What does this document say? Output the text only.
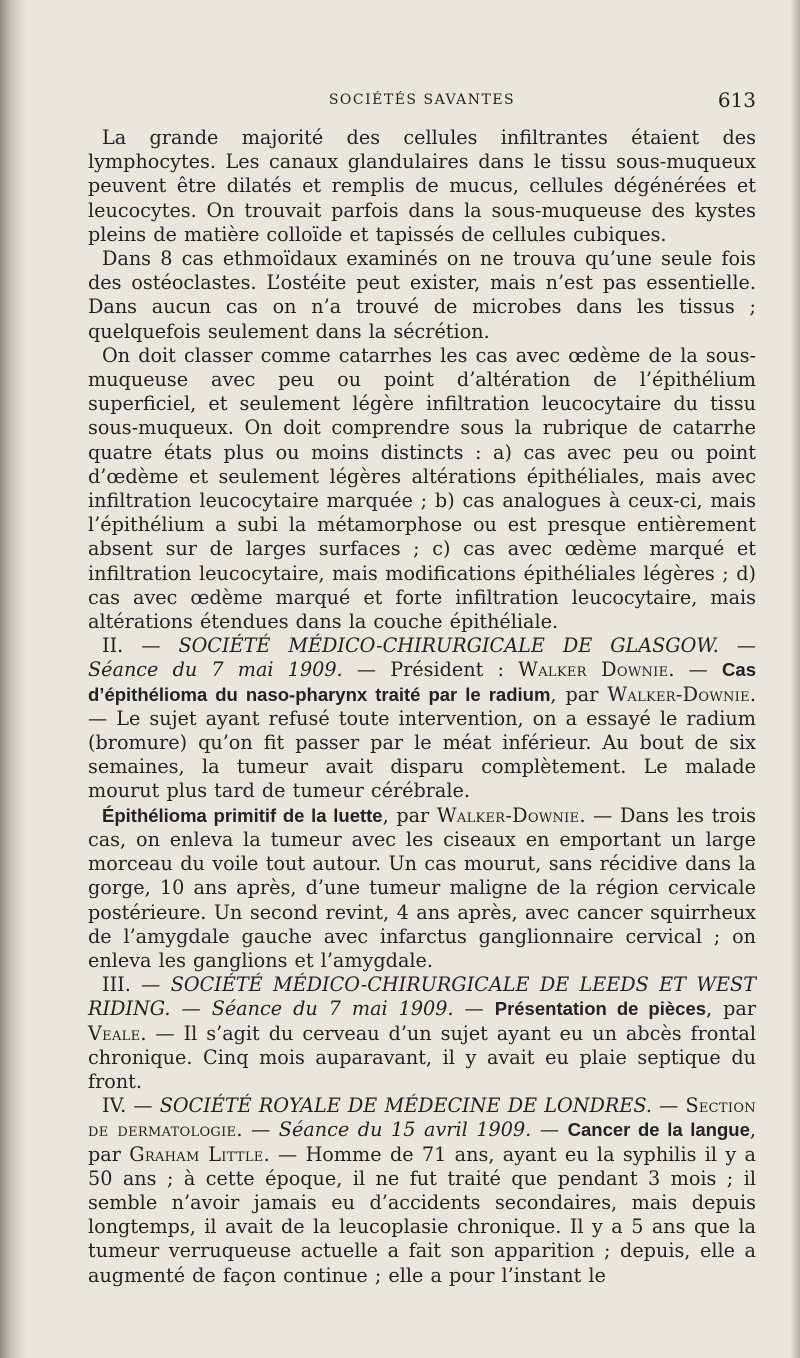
SOCIÉTÉS SAVANTES	613

La grande majorité des cellules infiltrantes étaient des lymphocytes. Les canaux glandulaires dans le tissu sous-muqueux peuvent être dilatés et remplis de mucus, cellules dégénérées et leucocytes. On trouvait parfois dans la sous-muqueuse des kystes pleins de matière colloïde et tapissés de cellules cubiques.

Dans 8 cas ethmoïdaux examinés on ne trouva qu’une seule fois des ostéoclastes. L’ostéite peut exister, mais n’est pas essentielle. Dans aucun cas on n’a trouvé de microbes dans les tissus ; quelquefois seulement dans la sécrétion.

On doit classer comme catarrhes les cas avec œdème de la sous-muqueuse avec peu ou point d’altération de l’épithélium superficiel, et seulement légère infiltration leucocytaire du tissu sous-muqueux. On doit comprendre sous la rubrique de catarrhe quatre états plus ou moins distincts : a) cas avec peu ou point d’œdème et seulement légères altérations épithéliales, mais avec infiltration leucocytaire marquée ; b) cas analogues à ceux-ci, mais l’épithélium a subi la métamorphose ou est presque entièrement absent sur de larges surfaces ; c) cas avec œdème marqué et infiltration leucocytaire, mais modifications épithéliales légères ; d) cas avec œdème marqué et forte infiltration leucocytaire, mais altérations étendues dans la couche épithéliale.

II. — SOCIÉTÉ MÉDICO-CHIRURGICALE DE GLASGOW. — Séance du 7 mai 1909. — Président : Walker Downie. — Cas d’épithélioma du naso-pharynx traité par le radium, par Walker-Downie. — Le sujet ayant refusé toute intervention, on a essayé le radium (bromure) qu’on fit passer par le méat inférieur. Au bout de six semaines, la tumeur avait disparu complètement. Le malade mourut plus tard de tumeur cérébrale.

Épithélioma primitif de la luette, par Walker-Downie. — Dans les trois cas, on enleva la tumeur avec les ciseaux en emportant un large morceau du voile tout autour. Un cas mourut, sans récidive dans la gorge, 10 ans après, d’une tumeur maligne de la région cervicale postérieure. Un second revint, 4 ans après, avec cancer squirrheux de l’amygdale gauche avec infarctus ganglionnaire cervical ; on enleva les ganglions et l’amygdale.

III. — SOCIÉTÉ MÉDICO-CHIRURGICALE DE LEEDS ET WEST RIDING. — Séance du 7 mai 1909. — Présentation de pièces, par Veale. — Il s’agit du cerveau d’un sujet ayant eu un abcès frontal chronique. Cinq mois auparavant, il y avait eu plaie septique du front.

IV. — SOCIÉTÉ ROYALE DE MÉDECINE DE LONDRES. — Section de dermatologie. — Séance du 15 avril 1909. — Cancer de la langue, par Graham Little. — Homme de 71 ans, ayant eu la syphilis il y a 50 ans ; à cette époque, il ne fut traité que pendant 3 mois ; il semble n’avoir jamais eu d’accidents secondaires, mais depuis longtemps, il avait de la leucoplasie chronique. Il y a 5 ans que la tumeur verruqueuse actuelle a fait son apparition ; depuis, elle a augmenté de façon continue ; elle a pour l’instant le
